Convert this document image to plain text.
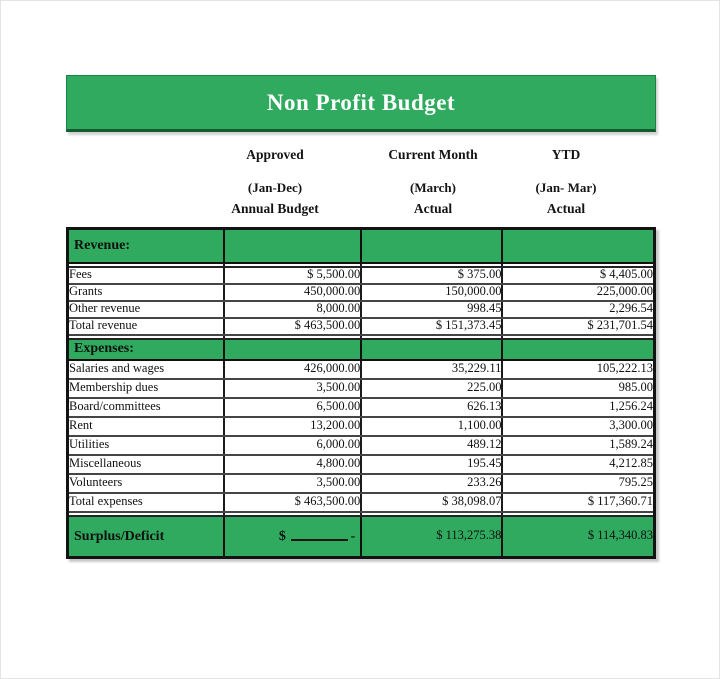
Non Profit Budget
Approved
(Jan-Dec)
Annual Budget
Current Month
(March)
Actual
YTD
(Jan- Mar)
Actual
Revenue:			

Fees	$ 5,500.00	$ 375.00	$ 4,405.00
Grants	450,000.00	150,000.00	225,000.00
Other revenue	8,000.00	998.45	2,296.54
Total revenue	$ 463,500.00	$ 151,373.45	$ 231,701.54

Expenses:			
Salaries and wages	426,000.00	35,229.11	105,222.13
Membership dues	3,500.00	225.00	985.00
Board/committees	6,500.00	626.13	1,256.24
Rent	13,200.00	1,100.00	3,300.00
Utilities	6,000.00	489.12	1,589.24
Miscellaneous	4,800.00	195.45	4,212.85
Volunteers	3,500.00	233.26	795.25
Total expenses	$ 463,500.00	$ 38,098.07	$ 117,360.71

Surplus/Deficit	$ -	$ 113,275.38	$ 114,340.83
